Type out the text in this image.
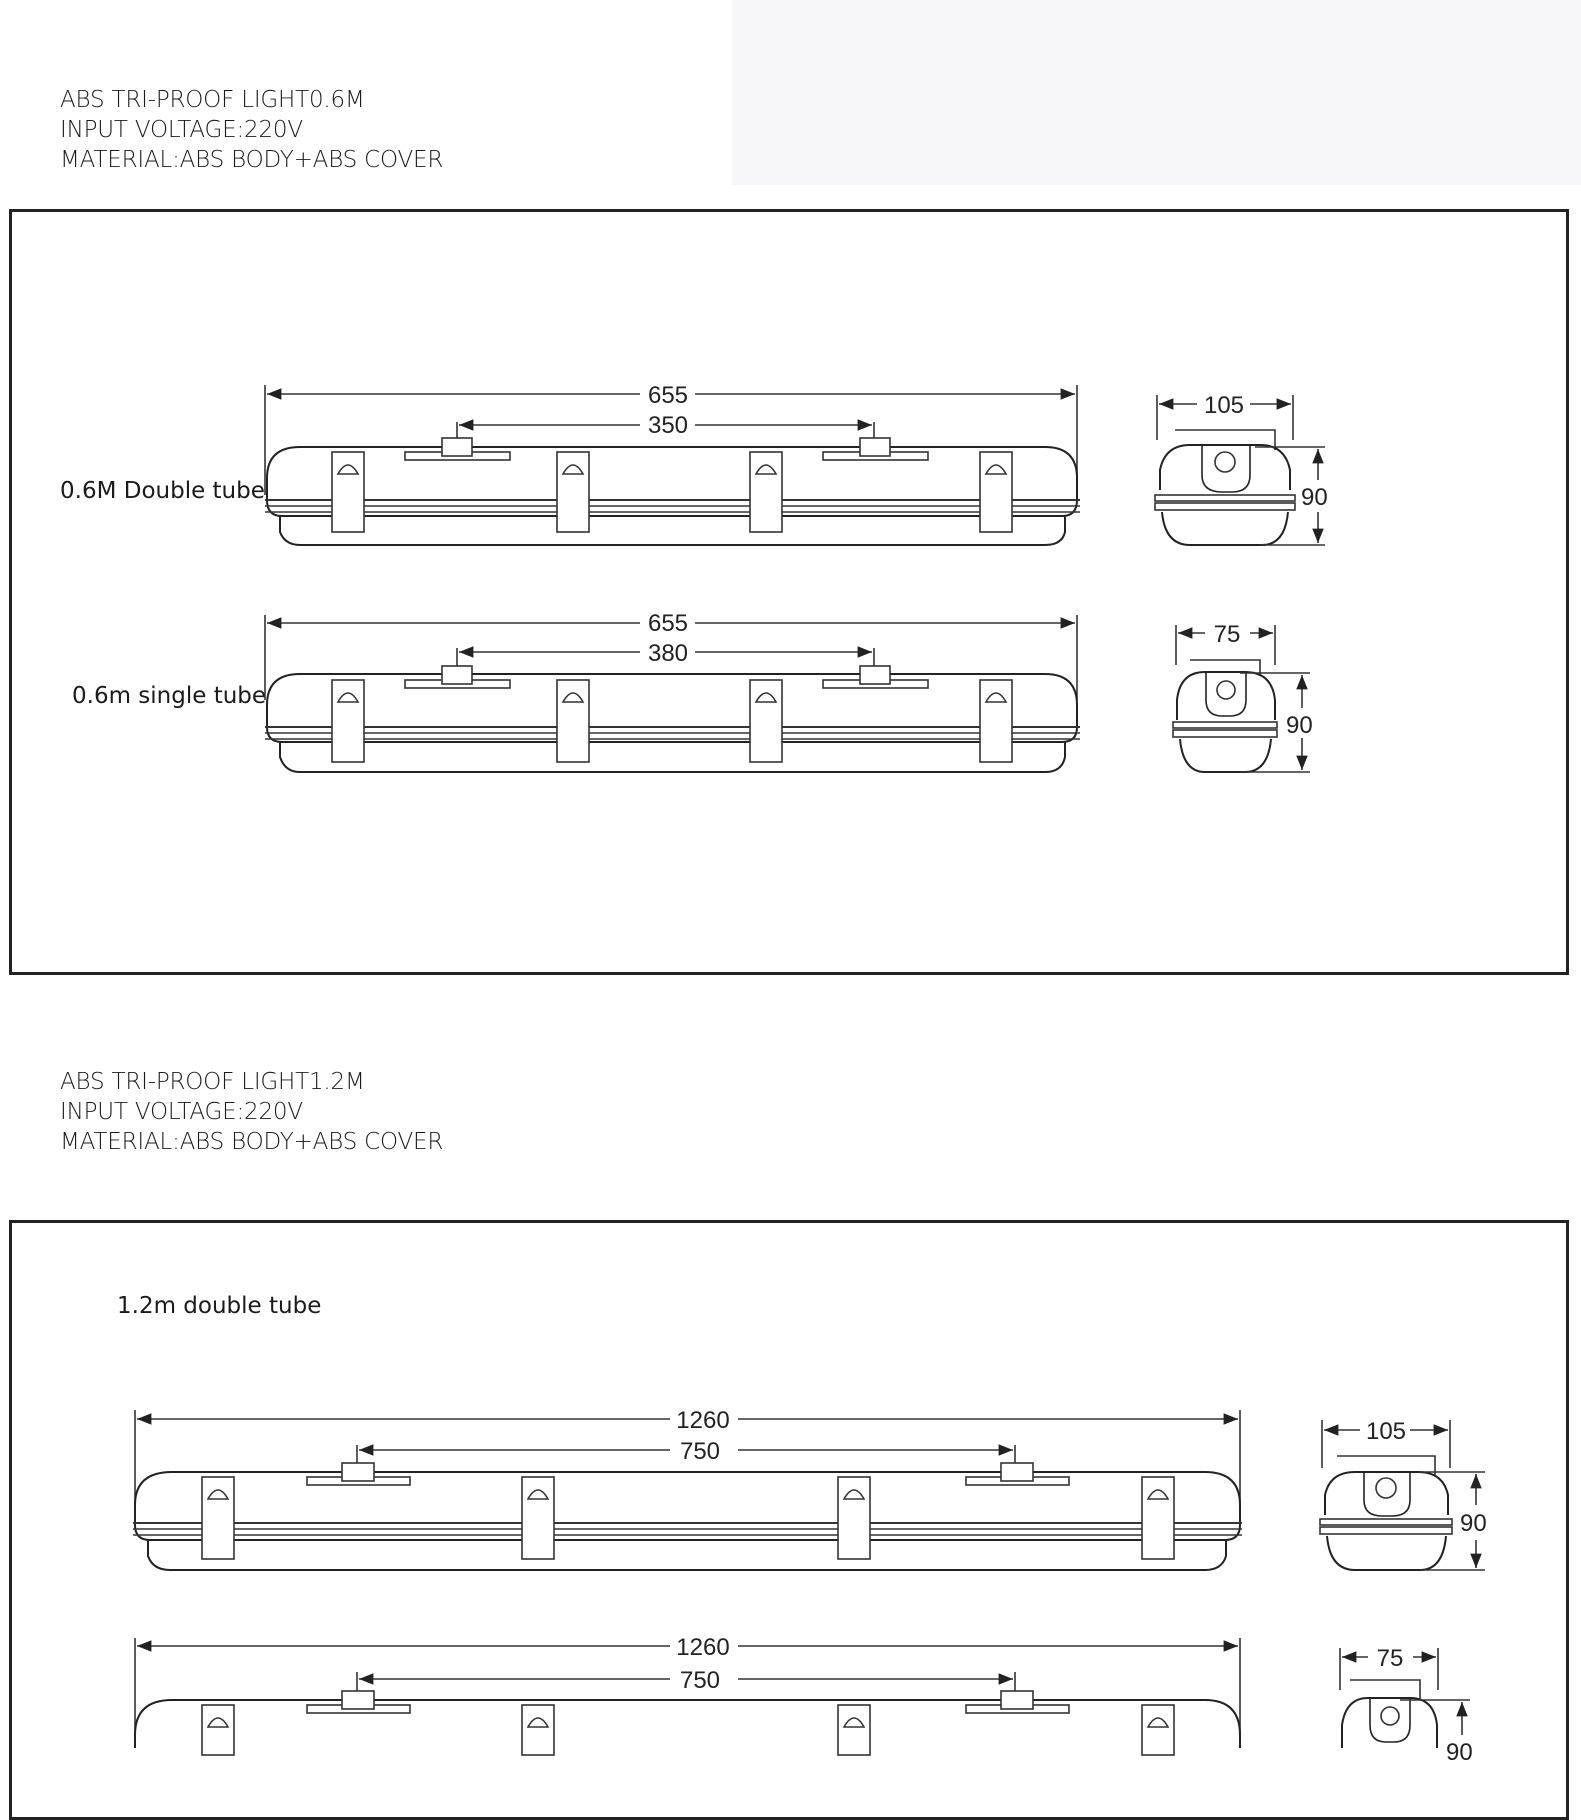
ABS TRI-PROOF LIGHT0.6M
INPUT VOLTAGE:220V
MATERIAL:ABS BODY+ABS COVER
0.6M Double tube
0.6m single tube
ABS TRI-PROOF LIGHT1.2M
INPUT VOLTAGE:220V
MATERIAL:ABS BODY+ABS COVER
1.2m double tube
655
350
105
90
655
380
75
90
1260
750
105
90
1260
750
75
90
